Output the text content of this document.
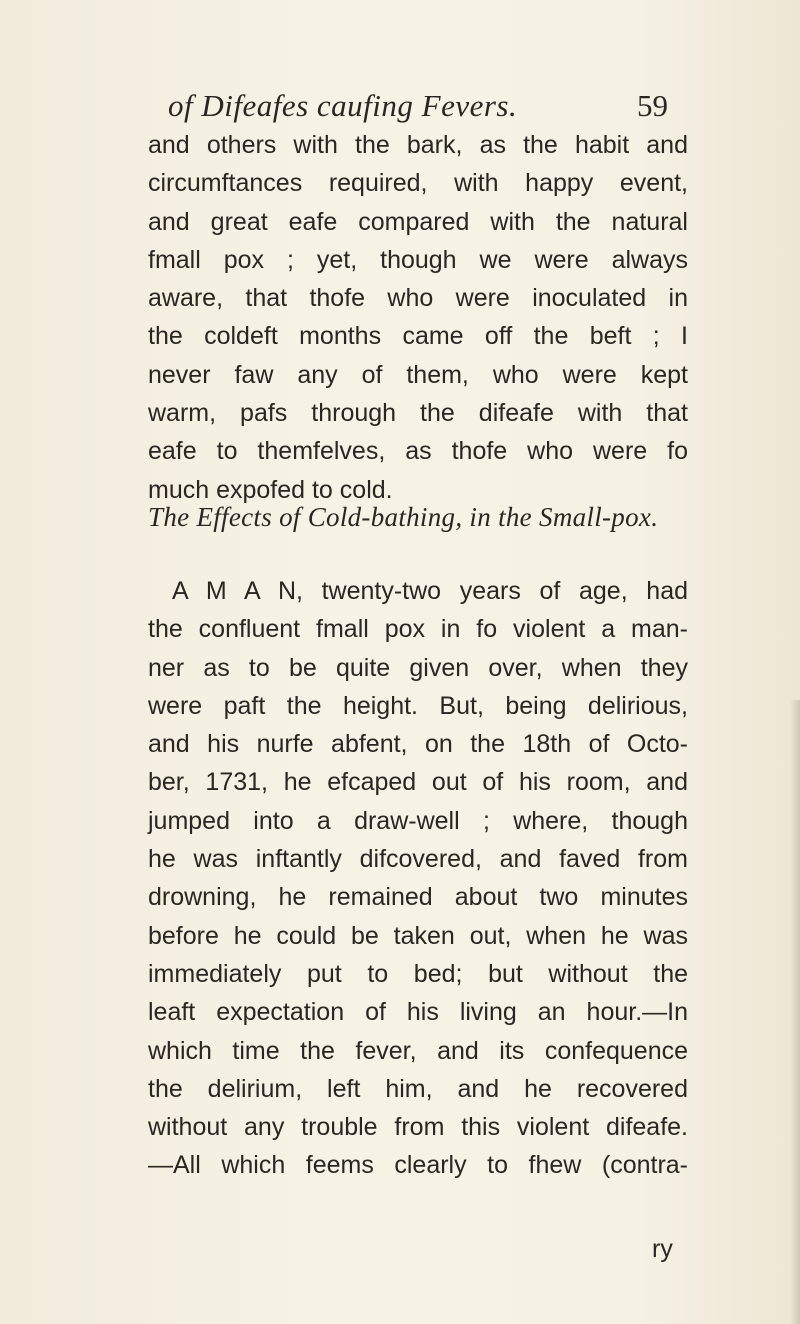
of Difeafes caufing Fevers.	59
and others with the bark, as the habit and
circumftances required, with happy event,
and great eafe compared with the natural
fmall pox ; yet, though we were always
aware, that thofe who were inoculated in
the coldeft months came off the beft ; I
never faw any of them, who were kept
warm, pafs through the difeafe with that
eafe to themfelves, as thofe who were fo
much expofed to cold.
The Effects of Cold-bathing, in the Small-pox.
A M A N, twenty-two years of age, had
the confluent fmall pox in fo violent a man-
ner as to be quite given over, when they
were paft the height. But, being delirious,
and his nurfe abfent, on the 18th of Octo-
ber, 1731, he efcaped out of his room, and
jumped into a draw-well ; where, though
he was inftantly difcovered, and faved from
drowning, he remained about two minutes
before he could be taken out, when he was
immediately put to bed; but without the
leaft expectation of his living an hour.—In
which time the fever, and its confequence
the delirium, left him, and he recovered
without any trouble from this violent difeafe.
—All which feems clearly to fhew (contra-
ry
